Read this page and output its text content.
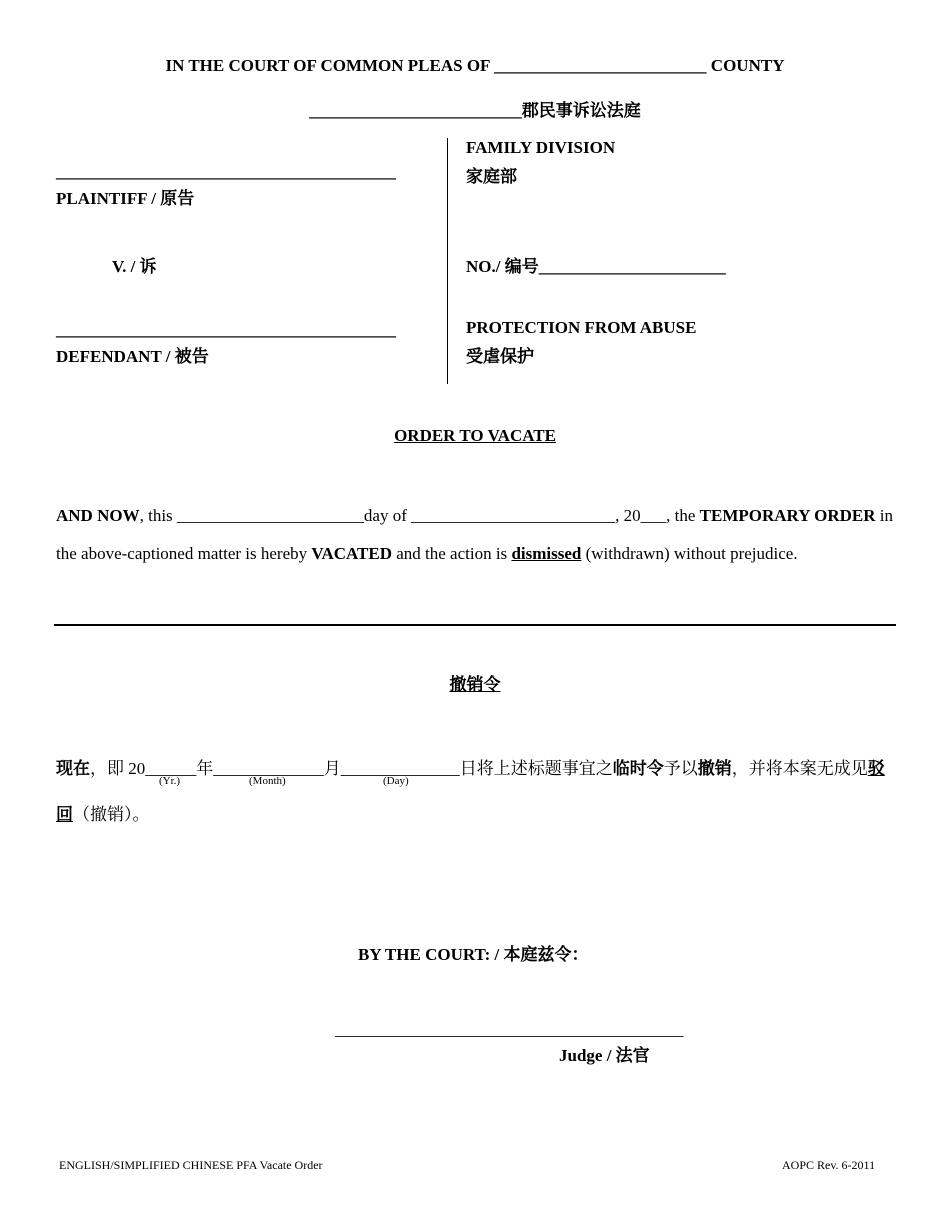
IN THE COURT OF COMMON PLEAS OF _________________________ COUNTY
_________________________郡民事诉讼法庭
________________________________________
PLAINTIFF / 原告
V. / 诉
________________________________________
DEFENDANT / 被告
FAMILY DIVISION
家庭部
NO./ 编号______________________
PROTECTION FROM ABUSE
受虐保护
ORDER TO VACATE
AND NOW, this ______________________day of ________________________, 20___, the TEMPORARY ORDER in
the above-captioned matter is hereby VACATED and the action is dismissed (withdrawn) without prejudice.
撤销令
现在，即 20______年_____________月______________日将上述标题事宜之临时令予以撤销，并将本案无成见驳
(Yr.)	(Month)	(Day)
回（撤销）。
BY THE COURT: / 本庭兹令：
_________________________________________
Judge / 法官
ENGLISH/SIMPLIFIED CHINESE PFA Vacate Order	AOPC Rev. 6-2011
